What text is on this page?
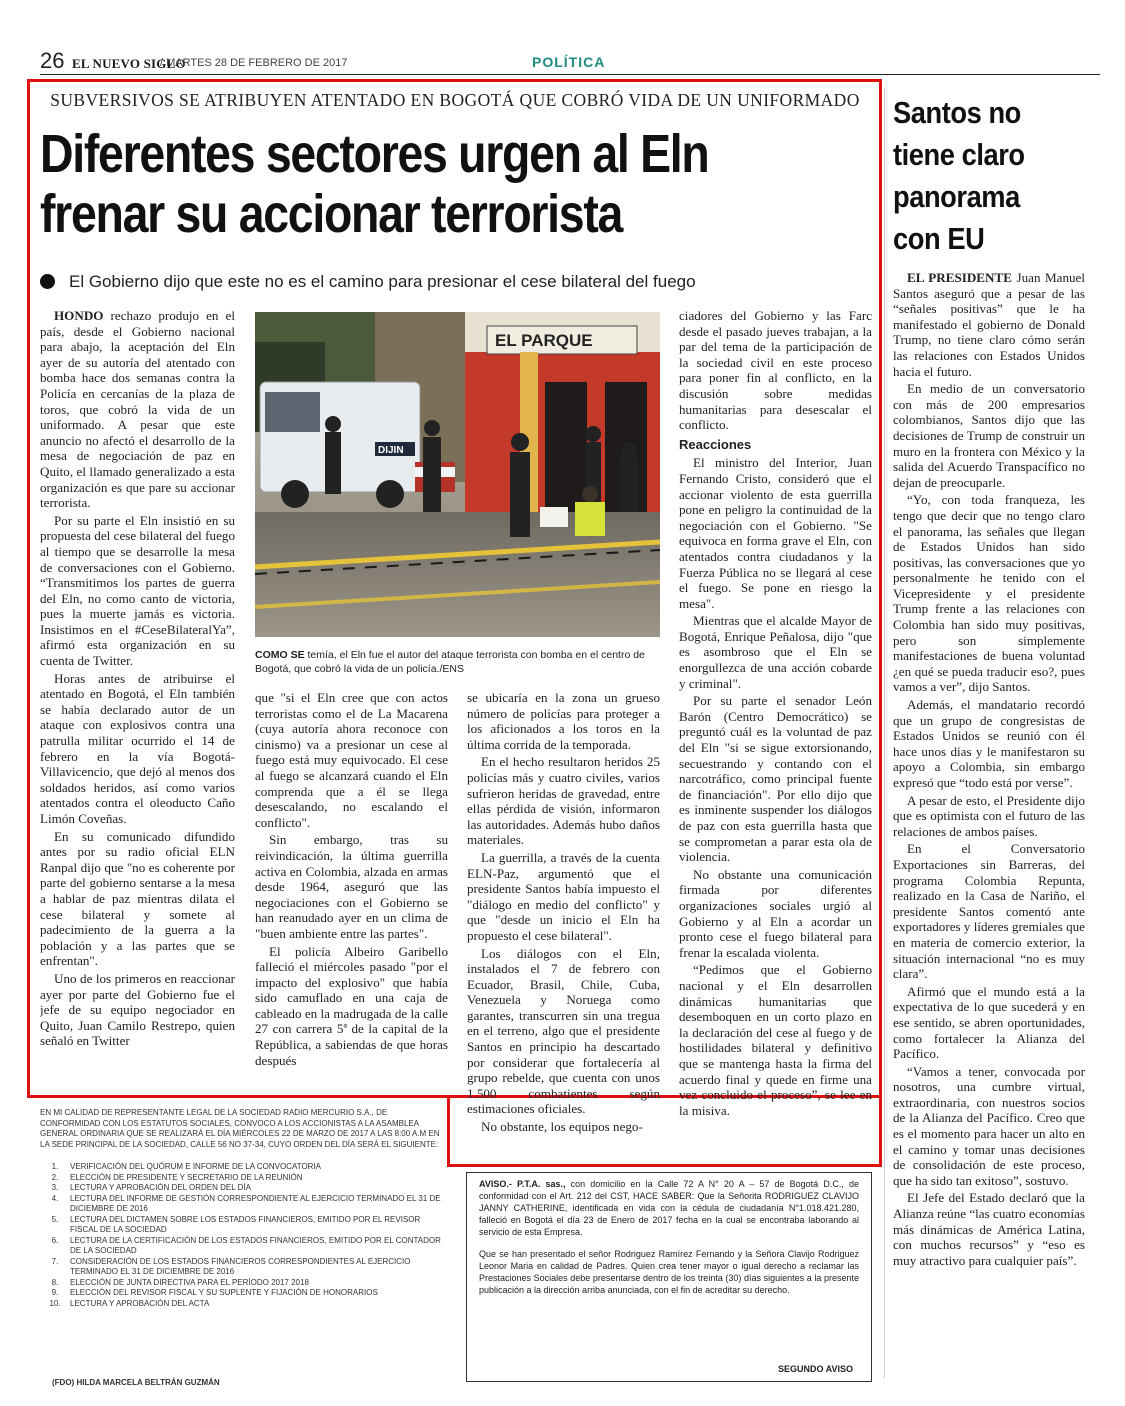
26 EL NUEVO SIGLO
/ MARTES 28 DE FEBRERO DE 2017	POLÍTICA
SUBVERSIVOS SE ATRIBUYEN ATENTADO EN BOGOTÁ QUE COBRÓ VIDA DE UN UNIFORMADO
Diferentes sectores urgen al Eln
frenar su accionar terrorista
El Gobierno dijo que este no es el camino para presionar el cese bilateral del fuego

HONDO rechazo produjo en el país, desde el Gobierno nacional para abajo, la aceptación del Eln ayer de su autoría del atentado con bomba hace dos semanas contra la Policía en cercanías de la plaza de toros, que cobró la vida de un uniformado. A pesar que este anuncio no afectó el desarrollo de la mesa de negociación de paz en Quito, el llamado generalizado a esta organización es que pare su accionar terrorista.

Por su parte el Eln insistió en su propuesta del cese bilateral del fuego al tiempo que se desarrolle la mesa de conversaciones con el Gobierno. “Transmitimos los partes de guerra del Eln, no como canto de victoria, pues la muerte jamás es victoria. Insistimos en el #CeseBilateralYa”, afirmó esta organización en su cuenta de Twitter.

Horas antes de atribuirse el atentado en Bogotá, el Eln también se había declarado autor de un ataque con explosivos contra una patrulla militar ocurrido el 14 de febrero en la vía Bogotá-Villavicencio, que dejó al menos dos soldados heridos, así como varios atentados contra el oleoducto Caño Limón Coveñas.

En su comunicado difundido antes por su radio oficial ELN Ranpal dijo que "no es coherente por parte del gobierno sentarse a la mesa a hablar de paz mientras dilata el cese bilateral y somete al padecimiento de la guerra a la población y a las partes que se enfrentan".

Uno de los primeros en reaccionar ayer por parte del Gobierno fue el jefe de su equipo negociador en Quito, Juan Camilo Restrepo, quien señaló en Twitter

EL PARQUE
DIJIN
COMO SE temía, el Eln fue el autor del ataque terrorista con bomba en el centro de Bogotá, que cobró la vida de un policía./ENS

que "si el Eln cree que con actos terroristas como el de La Macarena (cuya autoría ahora reconoce con cinismo) va a presionar un cese al fuego está muy equivocado. El cese al fuego se alcanzará cuando el Eln comprenda que a él se llega desescalando, no escalando el conflicto".

Sin embargo, tras su reivindicación, la última guerrilla activa en Colombia, alzada en armas desde 1964, aseguró que las negociaciones con el Gobierno se han reanudado ayer en un clima de "buen ambiente entre las partes".

El policía Albeiro Garibello falleció el miércoles pasado "por el impacto del explosivo" que había sido camuflado en una caja de cableado en la madrugada de la calle 27 con carrera 5ª de la capital de la República, a sabiendas de que horas después

se ubicaría en la zona un grueso número de policías para proteger a los aficionados a los toros en la última corrida de la temporada.

En el hecho resultaron heridos 25 policías más y cuatro civiles, varios sufrieron heridas de gravedad, entre ellas pérdida de visión, informaron las autoridades. Además hubo daños materiales.

La guerrilla, a través de la cuenta ELN-Paz, argumentó que el presidente Santos había impuesto el "diálogo en medio del conflicto" y que "desde un inicio el Eln ha propuesto el cese bilateral".

Los diálogos con el Eln, instalados el 7 de febrero con Ecuador, Brasil, Chile, Cuba, Venezuela y Noruega como garantes, transcurren sin una tregua en el terreno, algo que el presidente Santos en principio ha descartado por considerar que fortalecería al grupo rebelde, que cuenta con unos 1.500 combatientes según estimaciones oficiales.

No obstante, los equipos nego-

ciadores del Gobierno y las Farc desde el pasado jueves trabajan, a la par del tema de la participación de la sociedad civil en este proceso para poner fin al conflicto, en la discusión sobre medidas humanitarias para desescalar el conflicto.

Reacciones

El ministro del Interior, Juan Fernando Cristo, consideró que el accionar violento de esta guerrilla pone en peligro la continuidad de la negociación con el Gobierno. "Se equivoca en forma grave el Eln, con atentados contra ciudadanos y la Fuerza Pública no se llegará al cese el fuego. Se pone en riesgo la mesa".

Mientras que el alcalde Mayor de Bogotá, Enrique Peñalosa, dijo "que es asombroso que el Eln se enorgullezca de una acción cobarde y criminal".

Por su parte el senador León Barón (Centro Democrático) se preguntó cuál es la voluntad de paz del Eln "si se sigue extorsionando, secuestrando y contando con el narcotráfico, como principal fuente de financiación". Por ello dijo que es inminente suspender los diálogos de paz con esta guerrilla hasta que se comprometan a parar esta ola de violencia.

No obstante una comunicación firmada por diferentes organizaciones sociales urgió al Gobierno y al Eln a acordar un pronto cese el fuego bilateral para frenar la escalada violenta.

“Pedimos que el Gobierno nacional y el Eln desarrollen dinámicas humanitarias que desemboquen en un corto plazo en la declaración del cese al fuego y de hostilidades bilateral y definitivo que se mantenga hasta la firma del acuerdo final y quede en firme una vez concluido el proceso”, se lee en la misiva.

Santos no tiene claro panorama con EU

EL PRESIDENTE Juan Manuel Santos aseguró que a pesar de las “señales positivas” que le ha manifestado el gobierno de Donald Trump, no tiene claro cómo serán las relaciones con Estados Unidos hacia el futuro.

En medio de un conversatorio con más de 200 empresarios colombianos, Santos dijo que las decisiones de Trump de construir un muro en la frontera con México y la salida del Acuerdo Transpacífico no dejan de preocuparle.

“Yo, con toda franqueza, les tengo que decir que no tengo claro el panorama, las señales que llegan de Estados Unidos han sido positivas, las conversaciones que yo personalmente he tenido con el Vicepresidente y el presidente Trump frente a las relaciones con Colombia han sido muy positivas, pero son simplemente manifestaciones de buena voluntad ¿en qué se pueda traducir eso?, pues vamos a ver”, dijo Santos.

Además, el mandatario recordó que un grupo de congresistas de Estados Unidos se reunió con él hace unos días y le manifestaron su apoyo a Colombia, sin embargo expresó que “todo está por verse”.

A pesar de esto, el Presidente dijo que es optimista con el futuro de las relaciones de ambos países.

En el Conversatorio Exportaciones sin Barreras, del programa Colombia Repunta, realizado en la Casa de Nariño, el presidente Santos comentó ante exportadores y líderes gremiales que en materia de comercio exterior, la situación internacional “no es muy clara”.

Afirmó que el mundo está a la expectativa de lo que sucederá y en ese sentido, se abren oportunidades, como fortalecer la Alianza del Pacífico.

“Vamos a tener, convocada por nosotros, una cumbre virtual, extraordinaria, con nuestros socios de la Alianza del Pacífico. Creo que es el momento para hacer un alto en el camino y tomar unas decisiones de consolidación de este proceso, que ha sido tan exitoso”, sostuvo.

El Jefe del Estado declaró que la Alianza reúne “las cuatro economías más dinámicas de América Latina, con muchos recursos” y “eso es muy atractivo para cualquier país”.

EN MI CALIDAD DE REPRESENTANTE LEGAL DE LA SOCIEDAD RADIO MERCURIO S.A., DE CONFORMIDAD CON LOS ESTATUTOS SOCIALES, CONVOCO A LOS ACCIONISTAS A LA ASAMBLEA GENERAL ORDINARIA QUE SE REALIZARÁ EL DÍA MIÉRCOLES 22 DE MARZO DE 2017 A LAS 8:00 A.M EN LA SEDE PRINCIPAL DE LA SOCIEDAD, CALLE 56 NO 37-34, CUYO ORDEN DEL DÍA SERÁ EL SIGUIENTE:
1.	VERIFICACIÓN DEL QUÓRUM E INFORME DE LA CONVOCATORIA
2.	ELECCIÓN DE PRESIDENTE Y SECRETARIO DE LA REUNIÓN
3.	LECTURA Y APROBACIÓN DEL ORDEN DEL DÍA
4.	LECTURA DEL INFORME DE GESTIÓN CORRESPONDIENTE AL EJERCICIO TERMINADO EL 31 DE DICIEMBRE DE 2016
5.	LECTURA DEL DICTAMEN SOBRE LOS ESTADOS FINANCIEROS, EMITIDO POR EL REVISOR FISCAL DE LA SOCIEDAD
6.	LECTURA DE LA CERTIFICACIÓN DE LOS ESTADOS FINANCIEROS, EMITIDO POR EL CONTADOR DE LA SOCIEDAD
7.	CONSIDERACIÓN DE LOS ESTADOS FINANCIEROS CORRESPONDIENTES AL EJERCICIO TERMINADO EL 31 DE DICIEMBRE DE 2016
8.	ELECCIÓN DE JUNTA DIRECTIVA PARA EL PERÍODO 2017 2018
9.	ELECCIÓN DEL REVISOR FISCAL Y SU SUPLENTE Y FIJACIÓN DE HONORARIOS
10.	LECTURA Y APROBACIÓN DEL ACTA
(FDO) HILDA MARCELA BELTRÁN GUZMÁN
AVISO.- P.T.A. sas., con domicilio en la Calle 72 A N° 20 A – 57 de Bogotá D.C., de conformidad con el Art. 212 del CST, HACE SABER: Que la Señorita RODRIGUEZ CLAVIJO JANNY CATHERINE, identificada en vida con la cédula de ciudadanía N°1.018.421.280, falleció en Bogotá el día 23 de Enero de 2017 fecha en la cual se encontraba laborando al servicio de esta Empresa.
Que se han presentado el señor Rodriguez Ramírez Fernando y la Señora Clavijo Rodriguez Leonor Maria en calidad de Padres. Quien crea tener mayor o igual derecho a reclamar las Prestaciones Sociales debe presentarse dentro de los treinta (30) días siguientes a la presente publicación a la dirección arriba anunciada, con el fin de acreditar su derecho.
SEGUNDO AVISO
